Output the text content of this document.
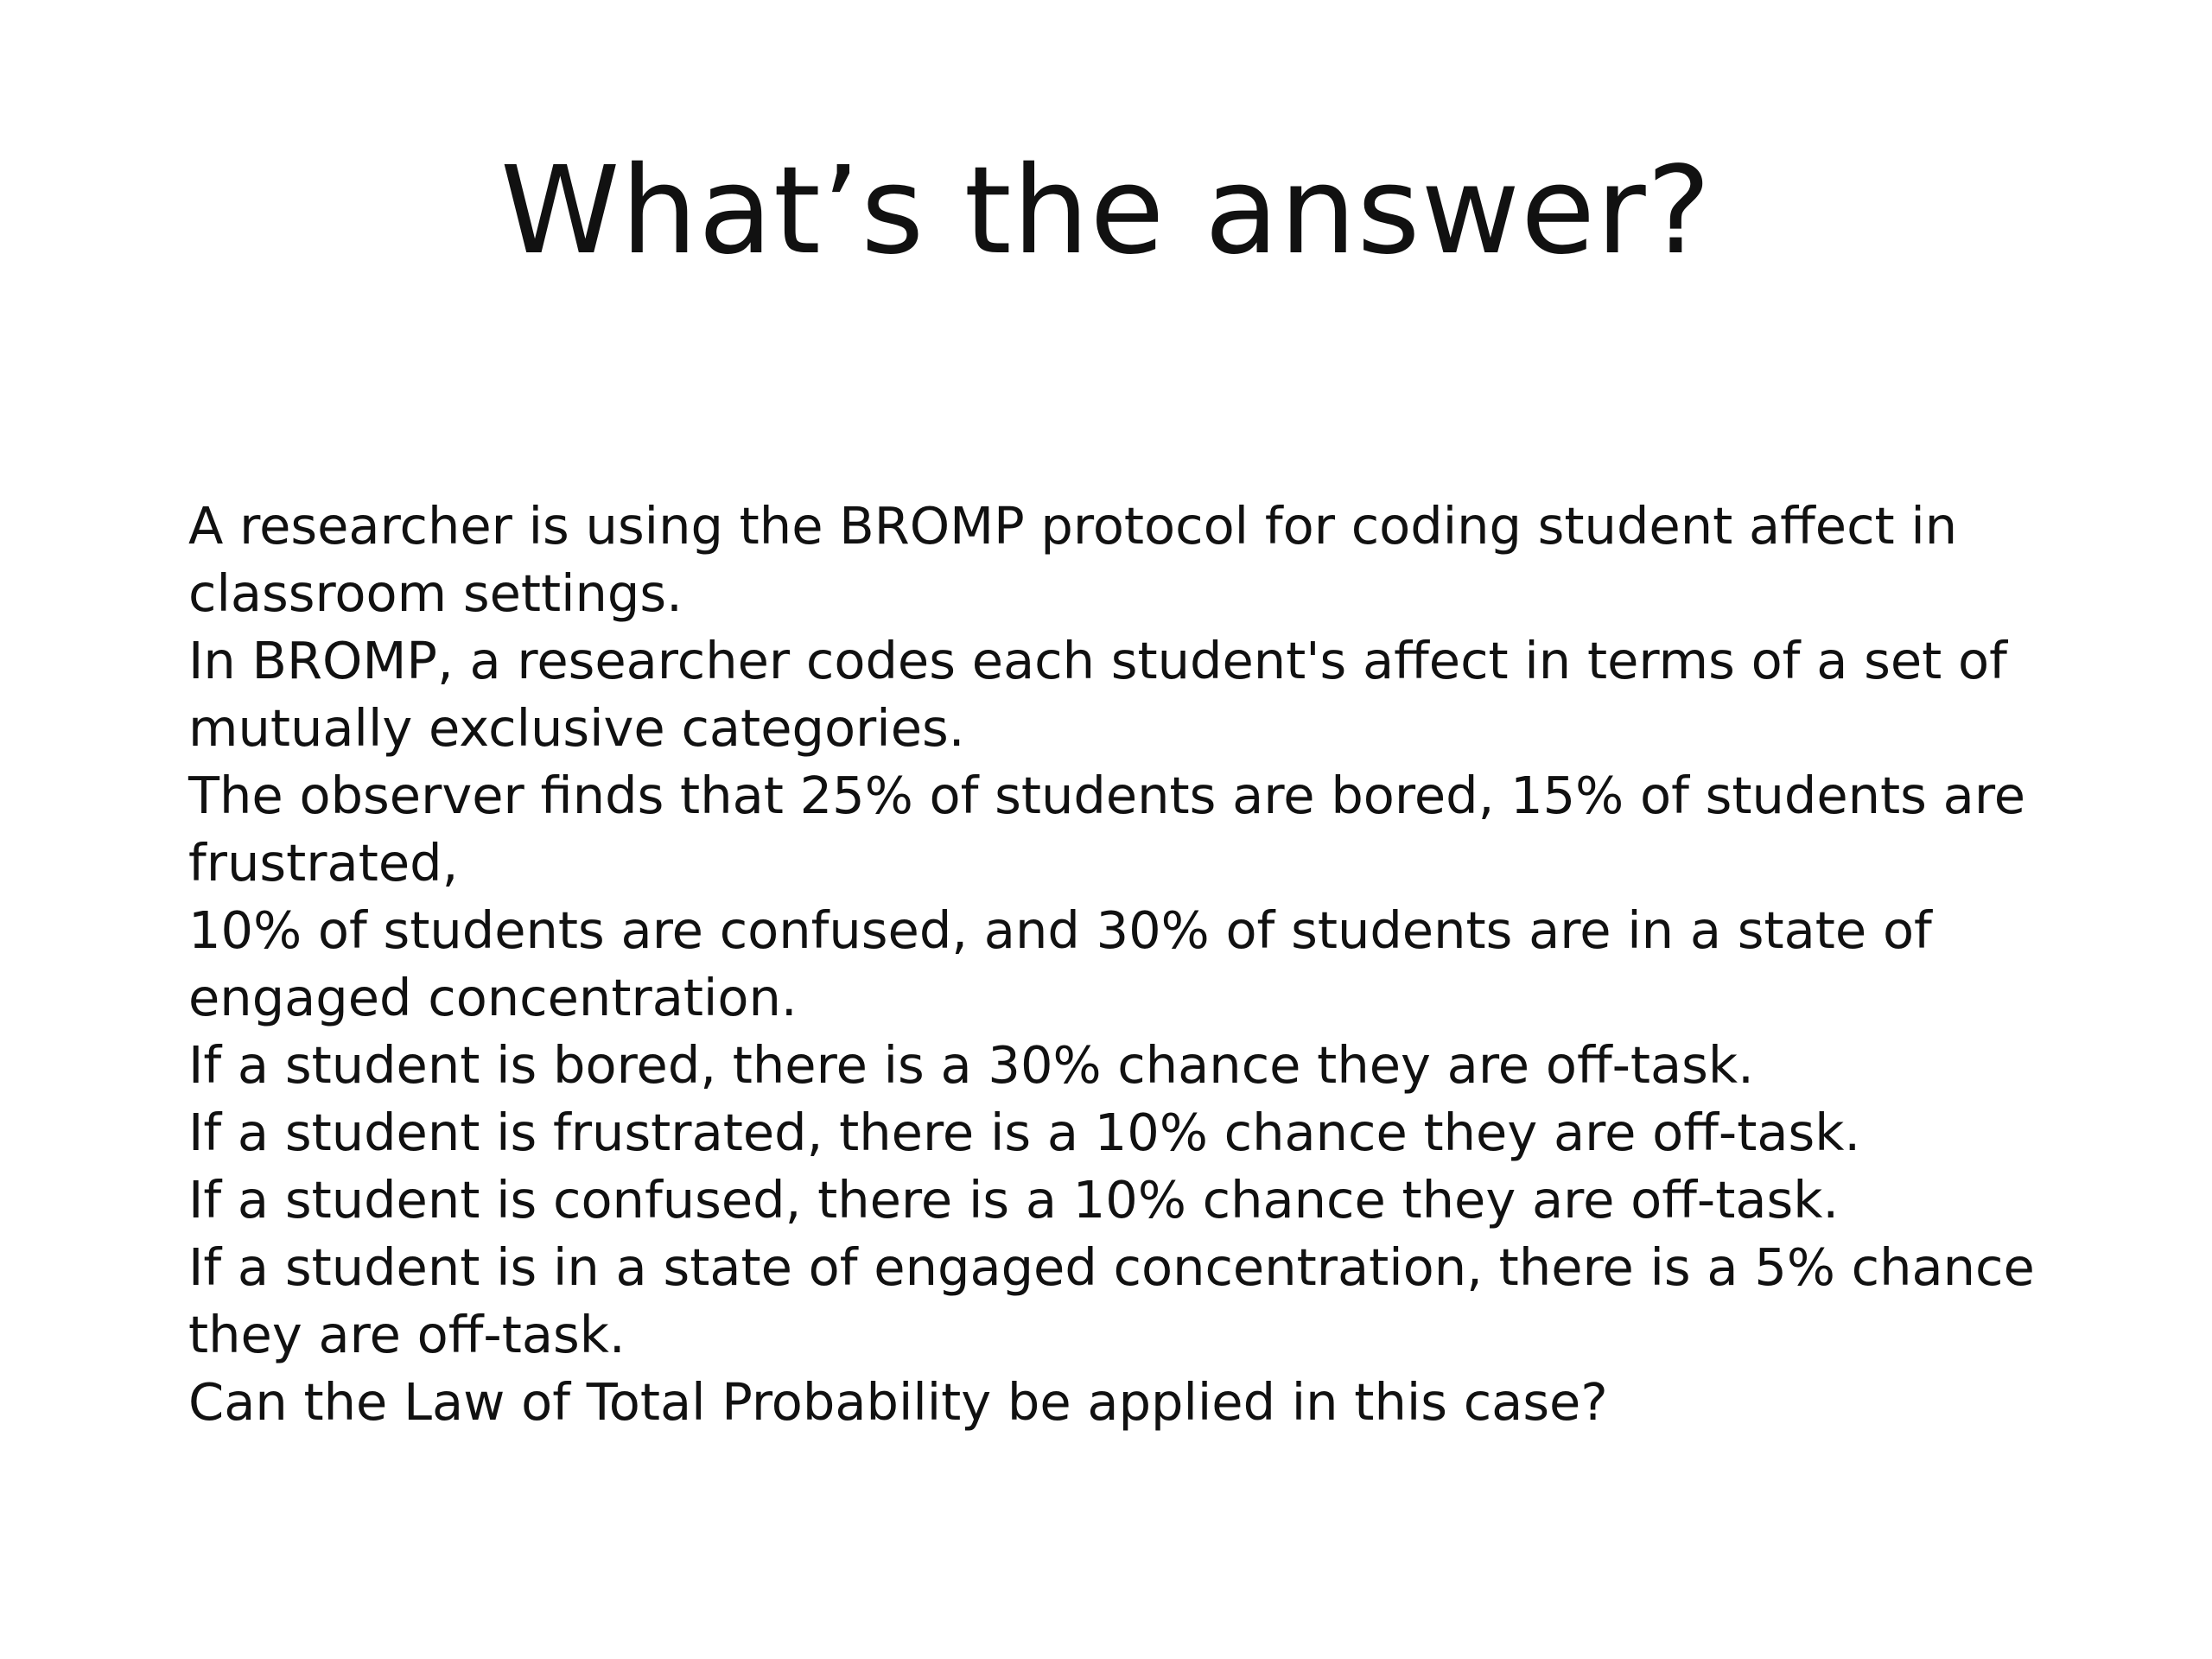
What’s the answer?

A researcher is using the BROMP protocol for coding student affect in

classroom settings.

In BROMP, a researcher codes each student's affect in terms of a set of

mutually exclusive categories.

The observer finds that 25% of students are bored, 15% of students are

frustrated,

10% of students are confused, and 30% of students are in a state of

engaged concentration.

If a student is bored, there is a 30% chance they are off-task.

If a student is frustrated, there is a 10% chance they are off-task.

If a student is confused, there is a 10% chance they are off-task.

If a student is in a state of engaged concentration, there is a 5% chance

they are off-task.

Can the Law of Total Probability be applied in this case?
